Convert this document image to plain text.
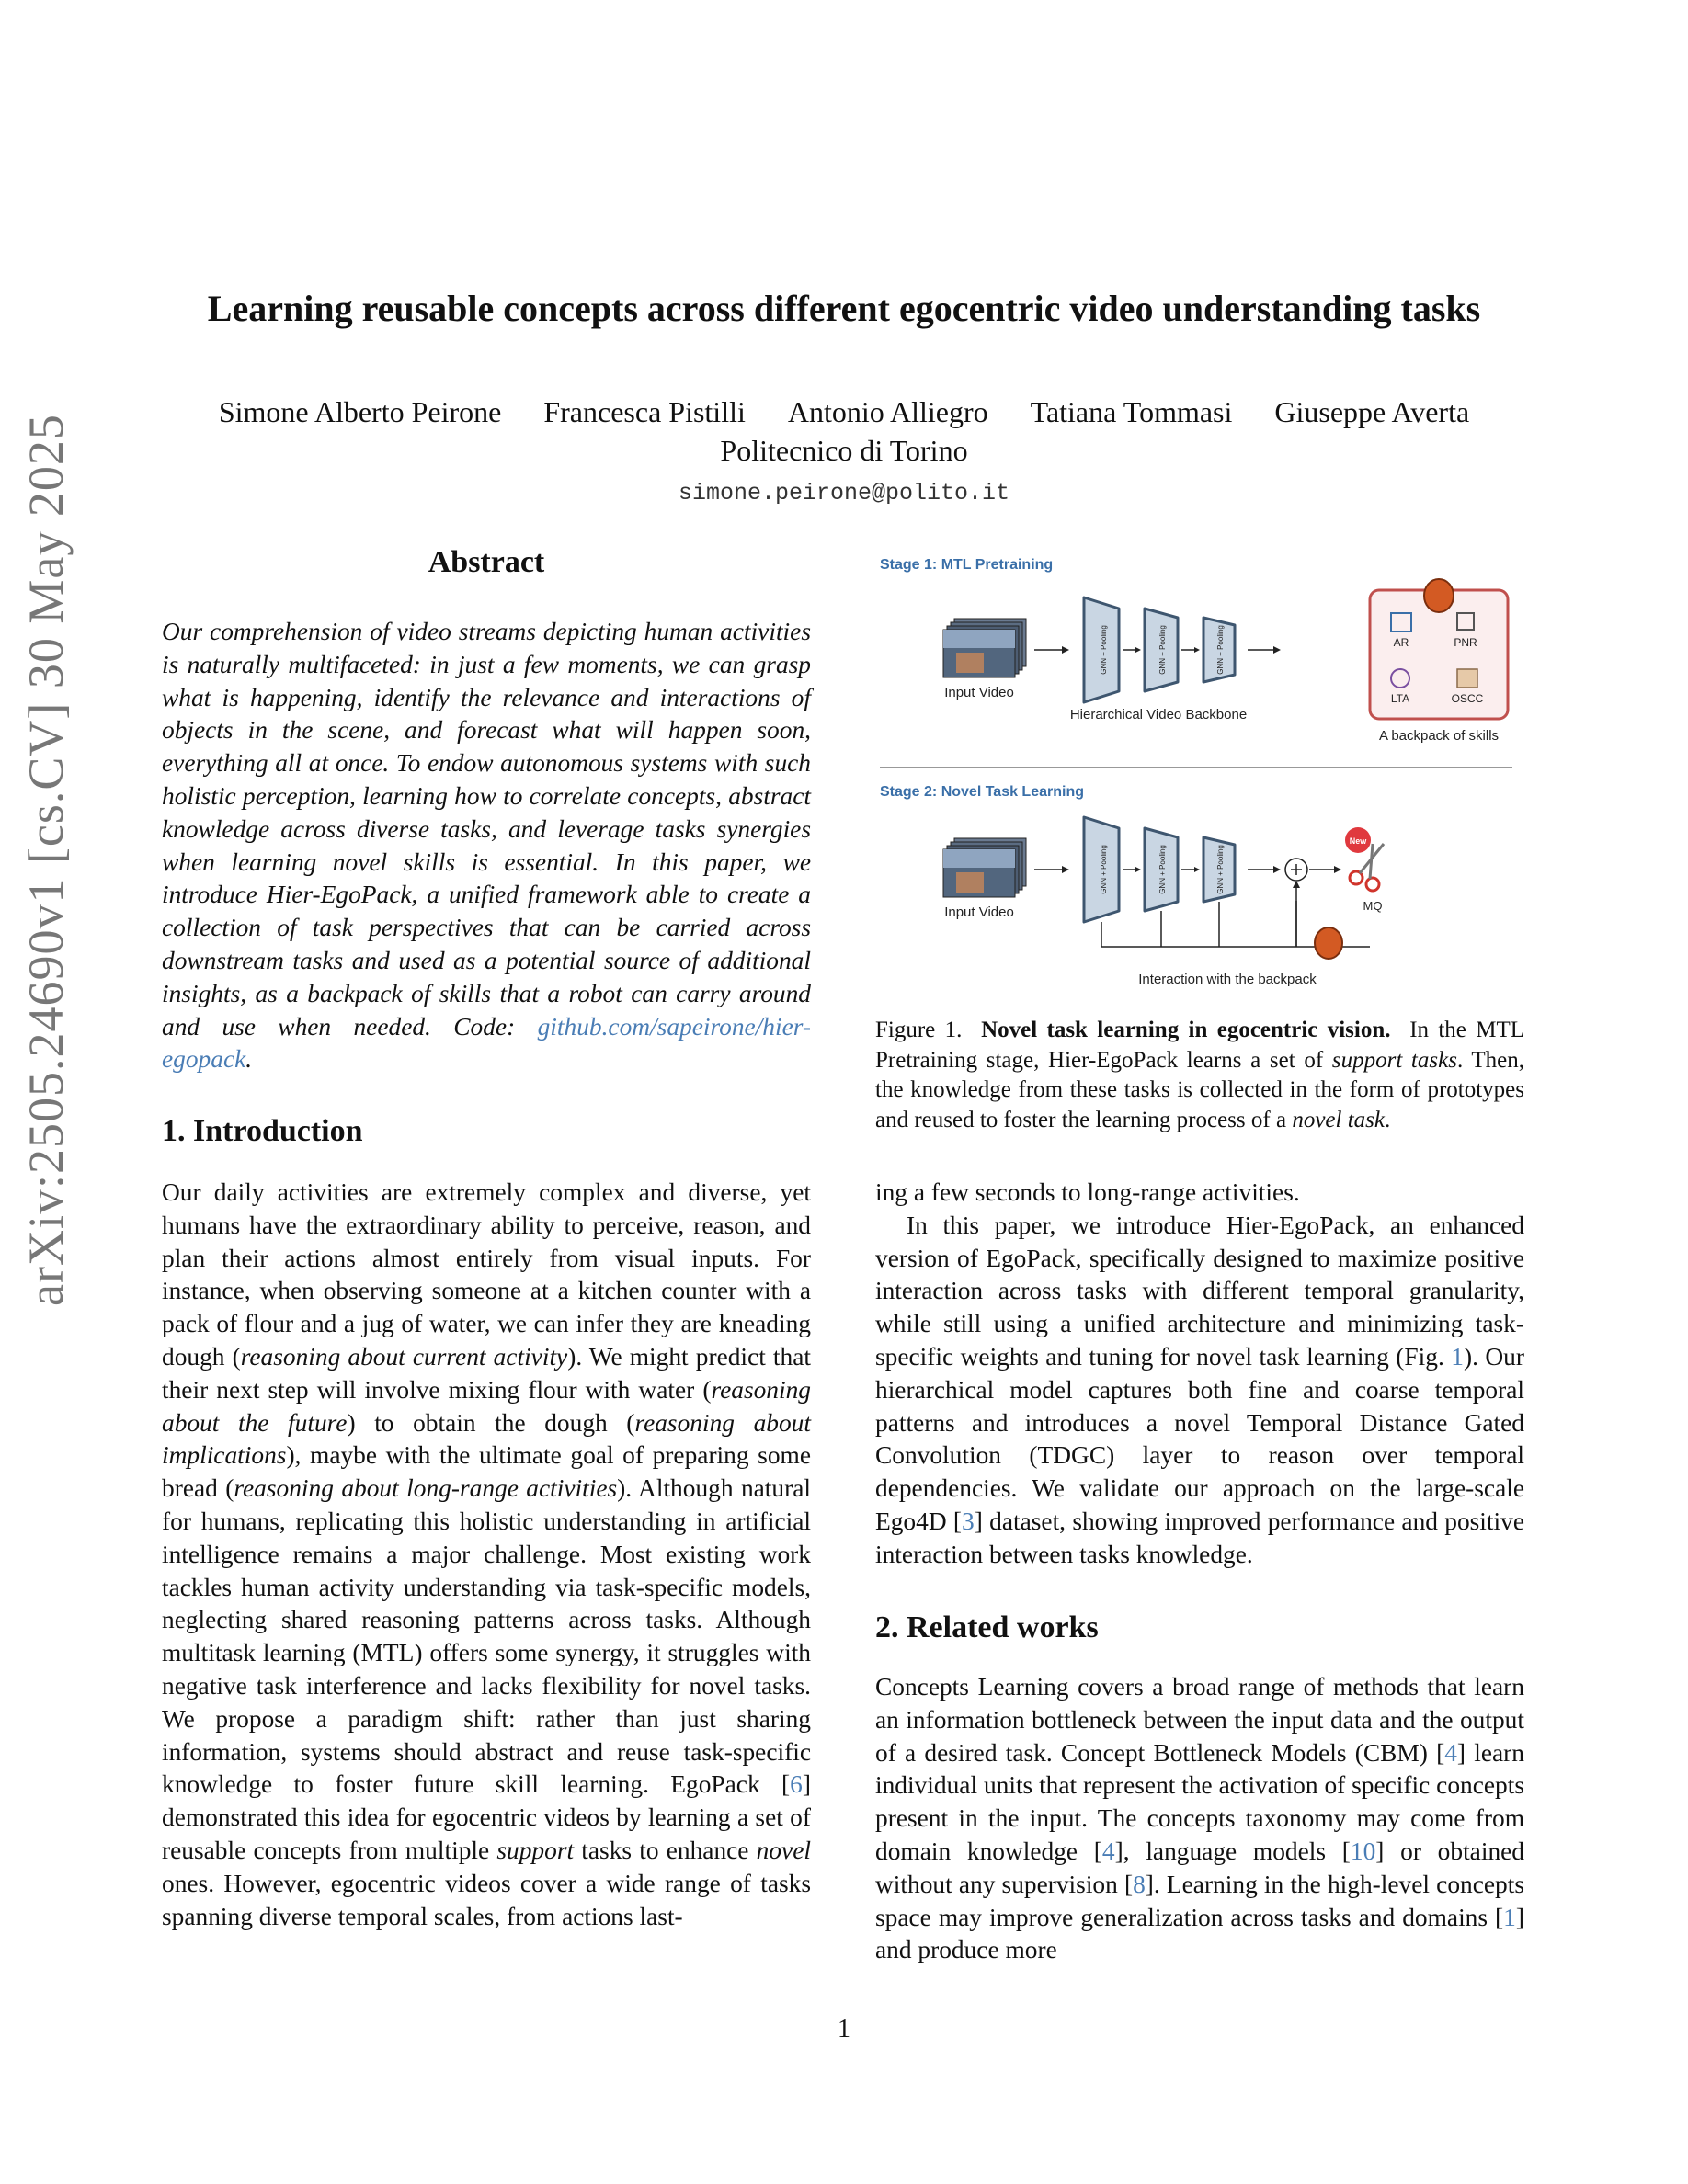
arXiv:2505.24690v1 [cs.CV] 30 May 2025
Learning reusable concepts across different egocentric video understanding tasks
Simone Alberto Peirone Francesca Pistilli Antonio Alliegro Tatiana Tommasi Giuseppe Averta
Politecnico di Torino
simone.peirone@polito.it
Abstract

Our comprehension of video streams depicting human activities is naturally multifaceted: in just a few moments, we can grasp what is happening, identify the relevance and interactions of objects in the scene, and forecast what will happen soon, everything all at once. To endow autonomous systems with such holistic perception, learning how to correlate concepts, abstract knowledge across diverse tasks, and leverage tasks synergies when learning novel skills is essential. In this paper, we introduce Hier-EgoPack, a unified framework able to create a collection of task perspectives that can be carried across downstream tasks and used as a potential source of additional insights, as a backpack of skills that a robot can carry around and use when needed. Code: github.com/sapeirone/hier-egopack.

1. Introduction

Our daily activities are extremely complex and diverse, yet humans have the extraordinary ability to perceive, reason, and plan their actions almost entirely from visual inputs. For instance, when observing someone at a kitchen counter with a pack of flour and a jug of water, we can infer they are kneading dough (reasoning about current activity). We might predict that their next step will involve mixing flour with water (reasoning about the future) to obtain the dough (reasoning about implications), maybe with the ultimate goal of preparing some bread (reasoning about long-range activities). Although natural for humans, replicating this holistic understanding in artificial intelligence remains a major challenge. Most existing work tackles human activity understanding via task-specific models, neglecting shared reasoning patterns across tasks. Although multitask learning (MTL) offers some synergy, it struggles with negative task interference and lacks flexibility for novel tasks. We propose a paradigm shift: rather than just sharing information, systems should abstract and reuse task-specific knowledge to foster future skill learning. EgoPack [6] demonstrated this idea for egocentric videos by learning a set of reusable concepts from multiple support tasks to enhance novel ones. However, egocentric videos cover a wide range of tasks spanning diverse temporal scales, from actions last-

Stage 1: MTL Pretraining
Input Video
GNN + Pooling	GNN + Pooling	GNN + Pooling
Hierarchical Video Backbone
AR	PNR
LTA	OSCC
A backpack of skills
Stage 2: Novel Task Learning
Input Video
GNN + Pooling	GNN + Pooling	GNN + Pooling
New
MQ
Interaction with the backpack
Figure 1. Novel task learning in egocentric vision. In the MTL Pretraining stage, Hier-EgoPack learns a set of support tasks. Then, the knowledge from these tasks is collected in the form of prototypes and reused to foster the learning process of a novel task.

ing a few seconds to long-range activities.

In this paper, we introduce Hier-EgoPack, an enhanced version of EgoPack, specifically designed to maximize positive interaction across tasks with different temporal granularity, while still using a unified architecture and minimizing task-specific weights and tuning for novel task learning (Fig. 1). Our hierarchical model captures both fine and coarse temporal patterns and introduces a novel Temporal Distance Gated Convolution (TDGC) layer to reason over temporal dependencies. We validate our approach on the large-scale Ego4D [3] dataset, showing improved performance and positive interaction between tasks knowledge.

2. Related works

Concepts Learning covers a broad range of methods that learn an information bottleneck between the input data and the output of a desired task. Concept Bottleneck Models (CBM) [4] learn individual units that represent the activation of specific concepts present in the input. The concepts taxonomy may come from domain knowledge [4], language models [10] or obtained without any supervision [8]. Learning in the high-level concepts space may improve generalization across tasks and domains [1] and produce more

1
